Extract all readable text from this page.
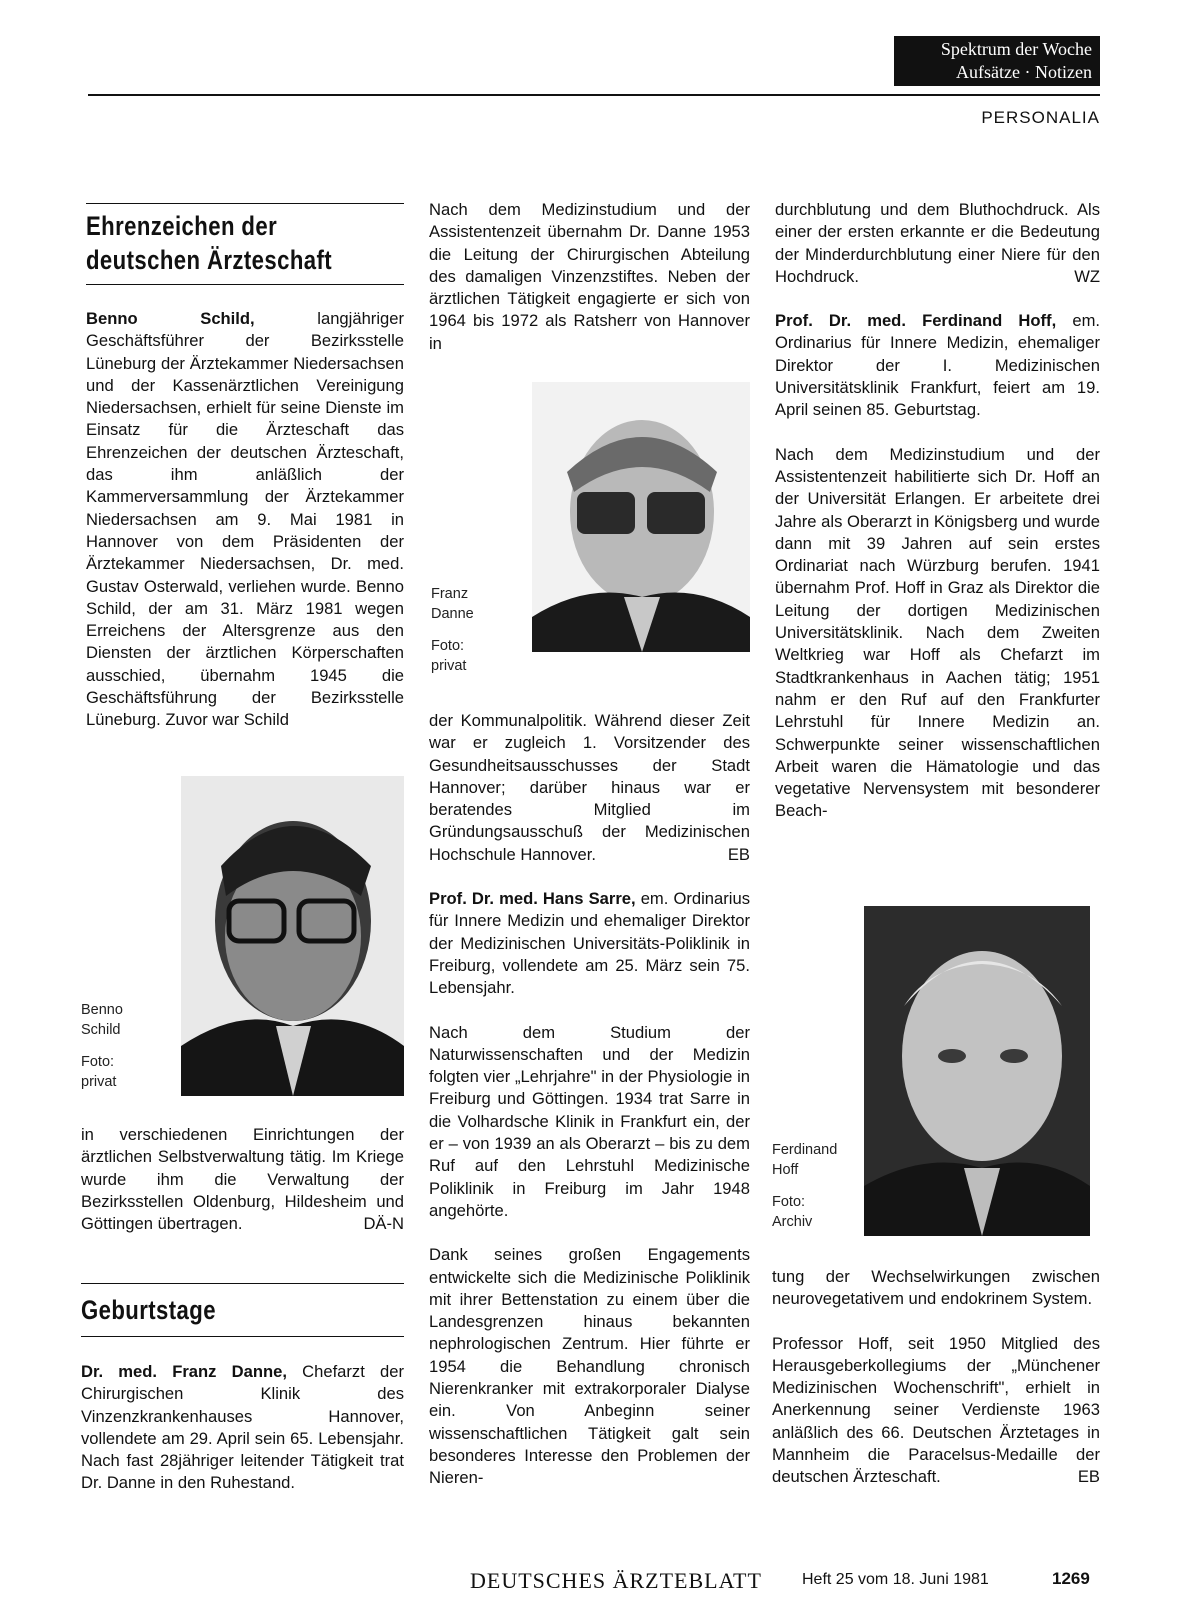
Spektrum der Woche
Aufsätze · Notizen
PERSONALIA
Ehrenzeichen der
deutschen Ärzteschaft

Benno Schild, langjähriger Geschäftsführer der Bezirksstelle Lüneburg der Ärztekammer Niedersachsen und der Kassenärztlichen Vereinigung Niedersachsen, erhielt für seine Dienste im Einsatz für die Ärzteschaft das Ehrenzeichen der deutschen Ärzteschaft, das ihm anläßlich der Kammerversammlung der Ärztekammer Niedersachsen am 9. Mai 1981 in Hannover von dem Präsidenten der Ärztekammer Niedersachsen, Dr. med. Gustav Osterwald, verliehen wurde. Benno Schild, der am 31. März 1981 wegen Erreichens der Altersgrenze aus den Diensten der ärztlichen Körperschaften ausschied, übernahm 1945 die Geschäftsführung der Bezirksstelle Lüneburg. Zuvor war Schild

Benno
Schild
Foto:
privat

in verschiedenen Einrichtungen der ärztlichen Selbstverwaltung tätig. Im Kriege wurde ihm die Verwaltung der Bezirksstellen Oldenburg, Hildesheim und Göttingen übertragen.	DÄ-N

Geburtstage

Dr. med. Franz Danne, Chefarzt der Chirurgischen Klinik des Vinzenzkrankenhauses Hannover, vollendete am 29. April sein 65. Lebensjahr. Nach fast 28jähriger leitender Tätigkeit trat Dr. Danne in den Ruhestand.

Nach dem Medizinstudium und der Assistentenzeit übernahm Dr. Danne 1953 die Leitung der Chirurgischen Abteilung des damaligen Vinzenzstiftes. Neben der ärztlichen Tätigkeit engagierte er sich von 1964 bis 1972 als Ratsherr von Hannover in

Franz
Danne
Foto:
privat

der Kommunalpolitik. Während dieser Zeit war er zugleich 1. Vorsitzender des Gesundheitsausschusses der Stadt Hannover; darüber hinaus war er beratendes Mitglied im Gründungsausschuß der Medizinischen Hochschule Hannover.	EB

Prof. Dr. med. Hans Sarre, em. Ordinarius für Innere Medizin und ehemaliger Direktor der Medizinischen Universitäts-Poliklinik in Freiburg, vollendete am 25. März sein 75. Lebensjahr.

Nach dem Studium der Naturwissenschaften und der Medizin folgten vier „Lehrjahre" in der Physiologie in Freiburg und Göttingen. 1934 trat Sarre in die Volhardsche Klinik in Frankfurt ein, der er – von 1939 an als Oberarzt – bis zu dem Ruf auf den Lehrstuhl Medizinische Poliklinik in Freiburg im Jahr 1948 angehörte.

Dank seines großen Engagements entwickelte sich die Medizinische Poliklinik mit ihrer Bettenstation zu einem über die Landesgrenzen hinaus bekannten nephrologischen Zentrum. Hier führte er 1954 die Behandlung chronisch Nierenkranker mit extrakorporaler Dialyse ein. Von Anbeginn seiner wissenschaftlichen Tätigkeit galt sein besonderes Interesse den Problemen der Nieren-

durchblutung und dem Bluthochdruck. Als einer der ersten erkannte er die Bedeutung der Minderdurchblutung einer Niere für den Hochdruck.	WZ

Prof. Dr. med. Ferdinand Hoff, em. Ordinarius für Innere Medizin, ehemaliger Direktor der I. Medizinischen Universitätsklinik Frankfurt, feiert am 19. April seinen 85. Geburtstag.

Nach dem Medizinstudium und der Assistentenzeit habilitierte sich Dr. Hoff an der Universität Erlangen. Er arbeitete drei Jahre als Oberarzt in Königsberg und wurde dann mit 39 Jahren auf sein erstes Ordinariat nach Würzburg berufen. 1941 übernahm Prof. Hoff in Graz als Direktor die Leitung der dortigen Medizinischen Universitätsklinik. Nach dem Zweiten Weltkrieg war Hoff als Chefarzt im Stadtkrankenhaus in Aachen tätig; 1951 nahm er den Ruf auf den Frankfurter Lehrstuhl für Innere Medizin an. Schwerpunkte seiner wissenschaftlichen Arbeit waren die Hämatologie und das vegetative Nervensystem mit besonderer Beach-

Ferdinand
Hoff
Foto:
Archiv

tung der Wechselwirkungen zwischen neurovegetativem und endokrinem System.

Professor Hoff, seit 1950 Mitglied des Herausgeberkollegiums der „Münchener Medizinischen Wochenschrift", erhielt in Anerkennung seiner Verdienste 1963 anläßlich des 66. Deutschen Ärztetages in Mannheim die Paracelsus-Medaille der deutschen Ärzteschaft.	EB

DEUTSCHES ÄRZTEBLATT	Heft 25 vom 18. Juni 1981	1269
